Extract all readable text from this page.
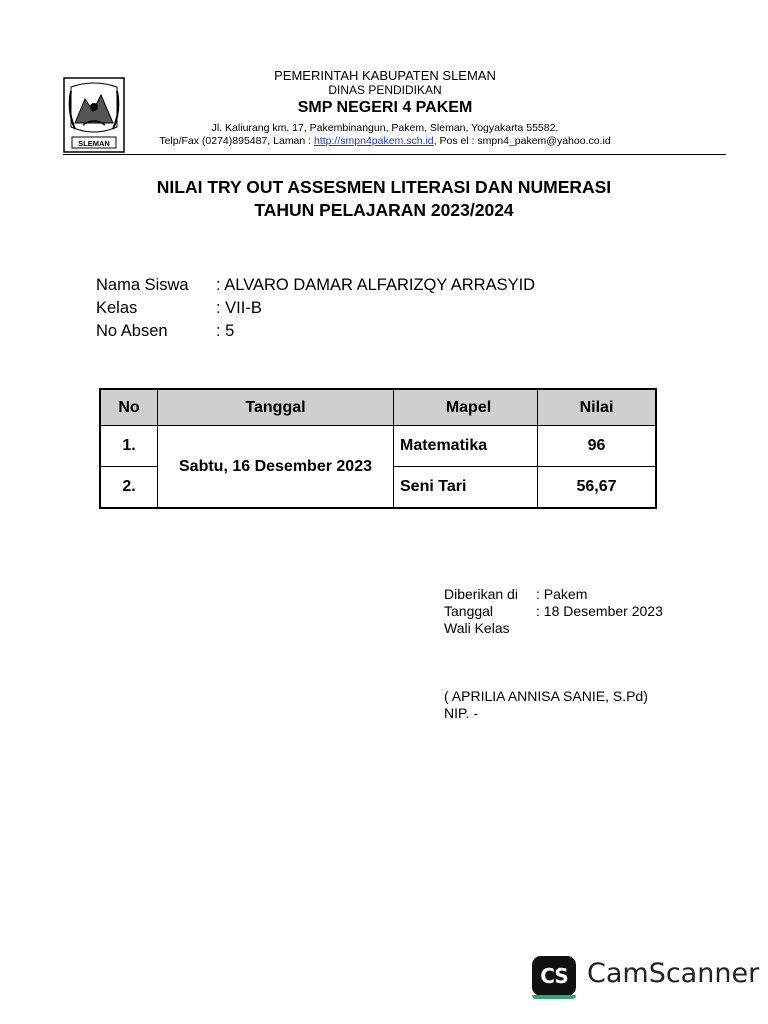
SLEMAN
PEMERINTAH KABUPATEN SLEMAN
DINAS PENDIDIKAN
SMP NEGERI 4 PAKEM
Jl. Kaliurang km. 17, Pakembinangun, Pakem, Sleman, Yogyakarta 55582.
Telp/Fax (0274)895487, Laman : http://smpn4pakem.sch.id, Pos el : smpn4_pakem@yahoo.co.id
NILAI TRY OUT ASSESMEN LITERASI DAN NUMERASI
TAHUN PELAJARAN 2023/2024
Nama Siswa : ALVARO DAMAR ALFARIZQY ARRASYID
Kelas	: VII-B
No Absen	: 5
No	Tanggal	Mapel	Nilai
1.	Sabtu, 16 Desember 2023	Matematika	96
2.		Seni Tari	56,67
Diberikan di : Pakem
Tanggal	: 18 Desember 2023
Wali Kelas
( APRILIA ANNISA SANIE, S.Pd)
NIP. -
CS CamScanner
